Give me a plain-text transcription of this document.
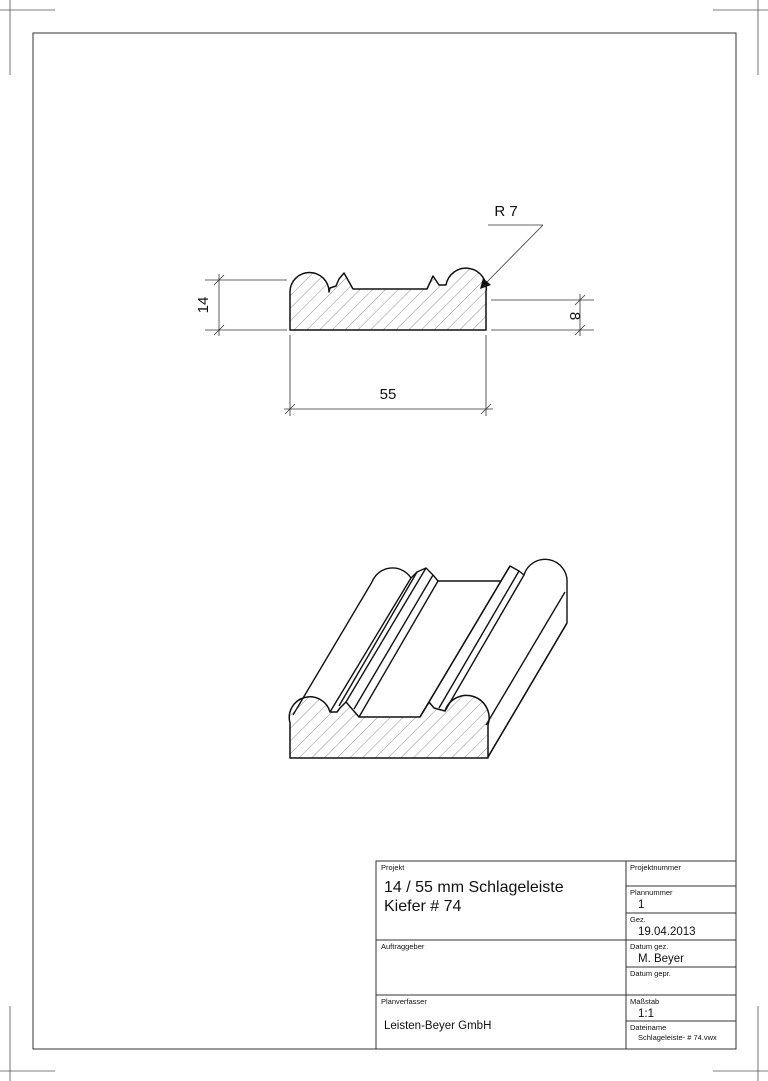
14
8
55
R 7
Projekt
14 / 55 mm Schlageleiste
Kiefer # 74
Projektnummer
Plannummer
1
Gez.
19.04.2013
Auftraggeber	Datum gez.
M. Beyer
Datum gepr.
Planverfasser
Leisten-Beyer GmbH
Maßstab
1:1
Dateiname
Schlageleiste- # 74.vwx
